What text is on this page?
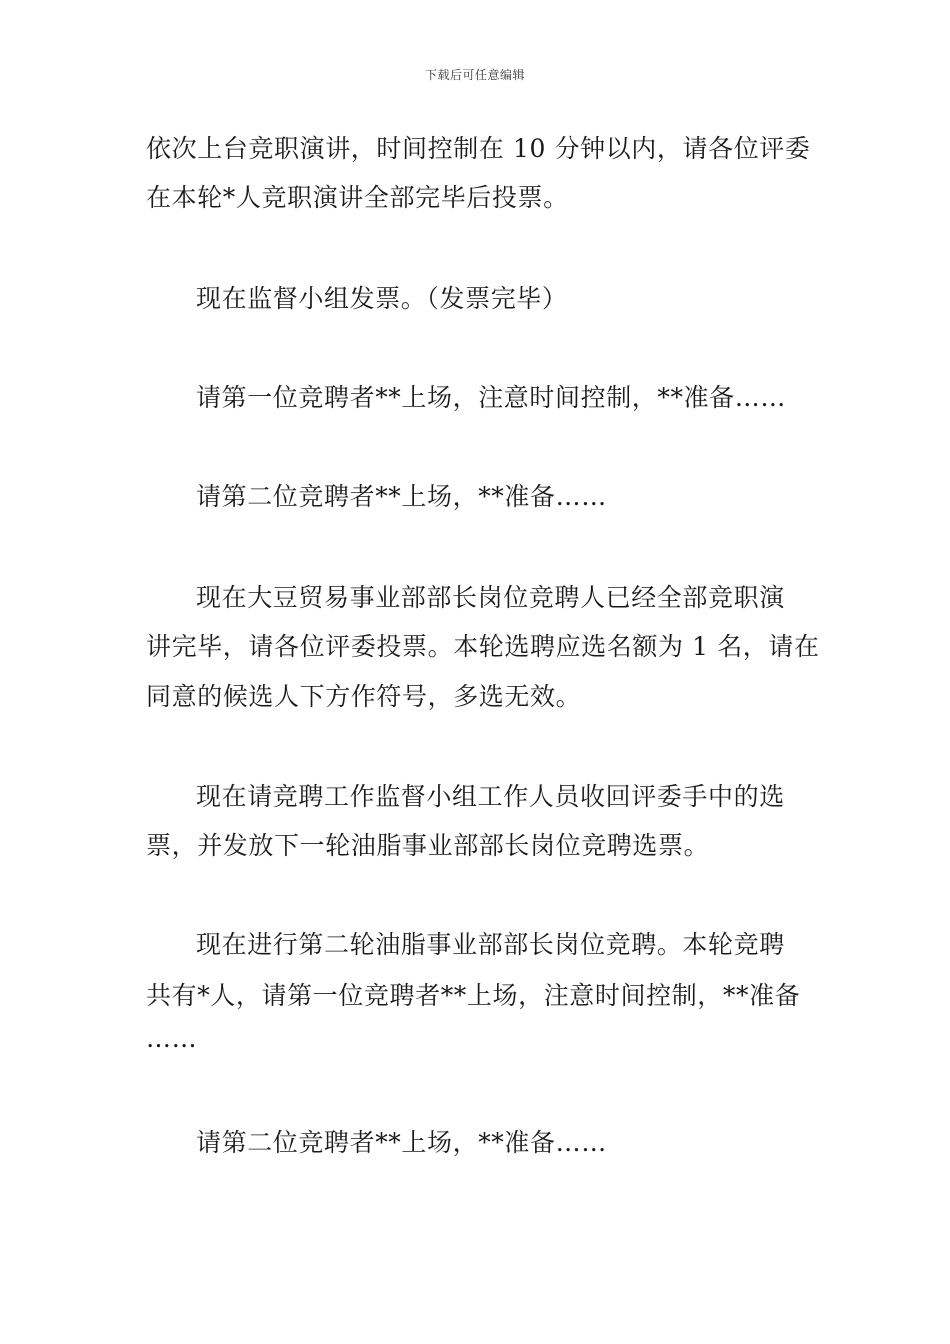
下载后可任意编辑
依次上台竞职演讲，时间控制在 10 分钟以内，请各位评委
在本轮*人竞职演讲全部完毕后投票。
现在监督小组发票。（发票完毕）
请第一位竞聘者**上场，注意时间控制，**准备……
请第二位竞聘者**上场，**准备……
现在大豆贸易事业部部长岗位竞聘人已经全部竞职演
讲完毕，请各位评委投票。本轮选聘应选名额为 1 名，请在
同意的候选人下方作符号，多选无效。
现在请竞聘工作监督小组工作人员收回评委手中的选
票，并发放下一轮油脂事业部部长岗位竞聘选票。
现在进行第二轮油脂事业部部长岗位竞聘。本轮竞聘
共有*人，请第一位竞聘者**上场，注意时间控制，**准备
……
请第二位竞聘者**上场，**准备……
